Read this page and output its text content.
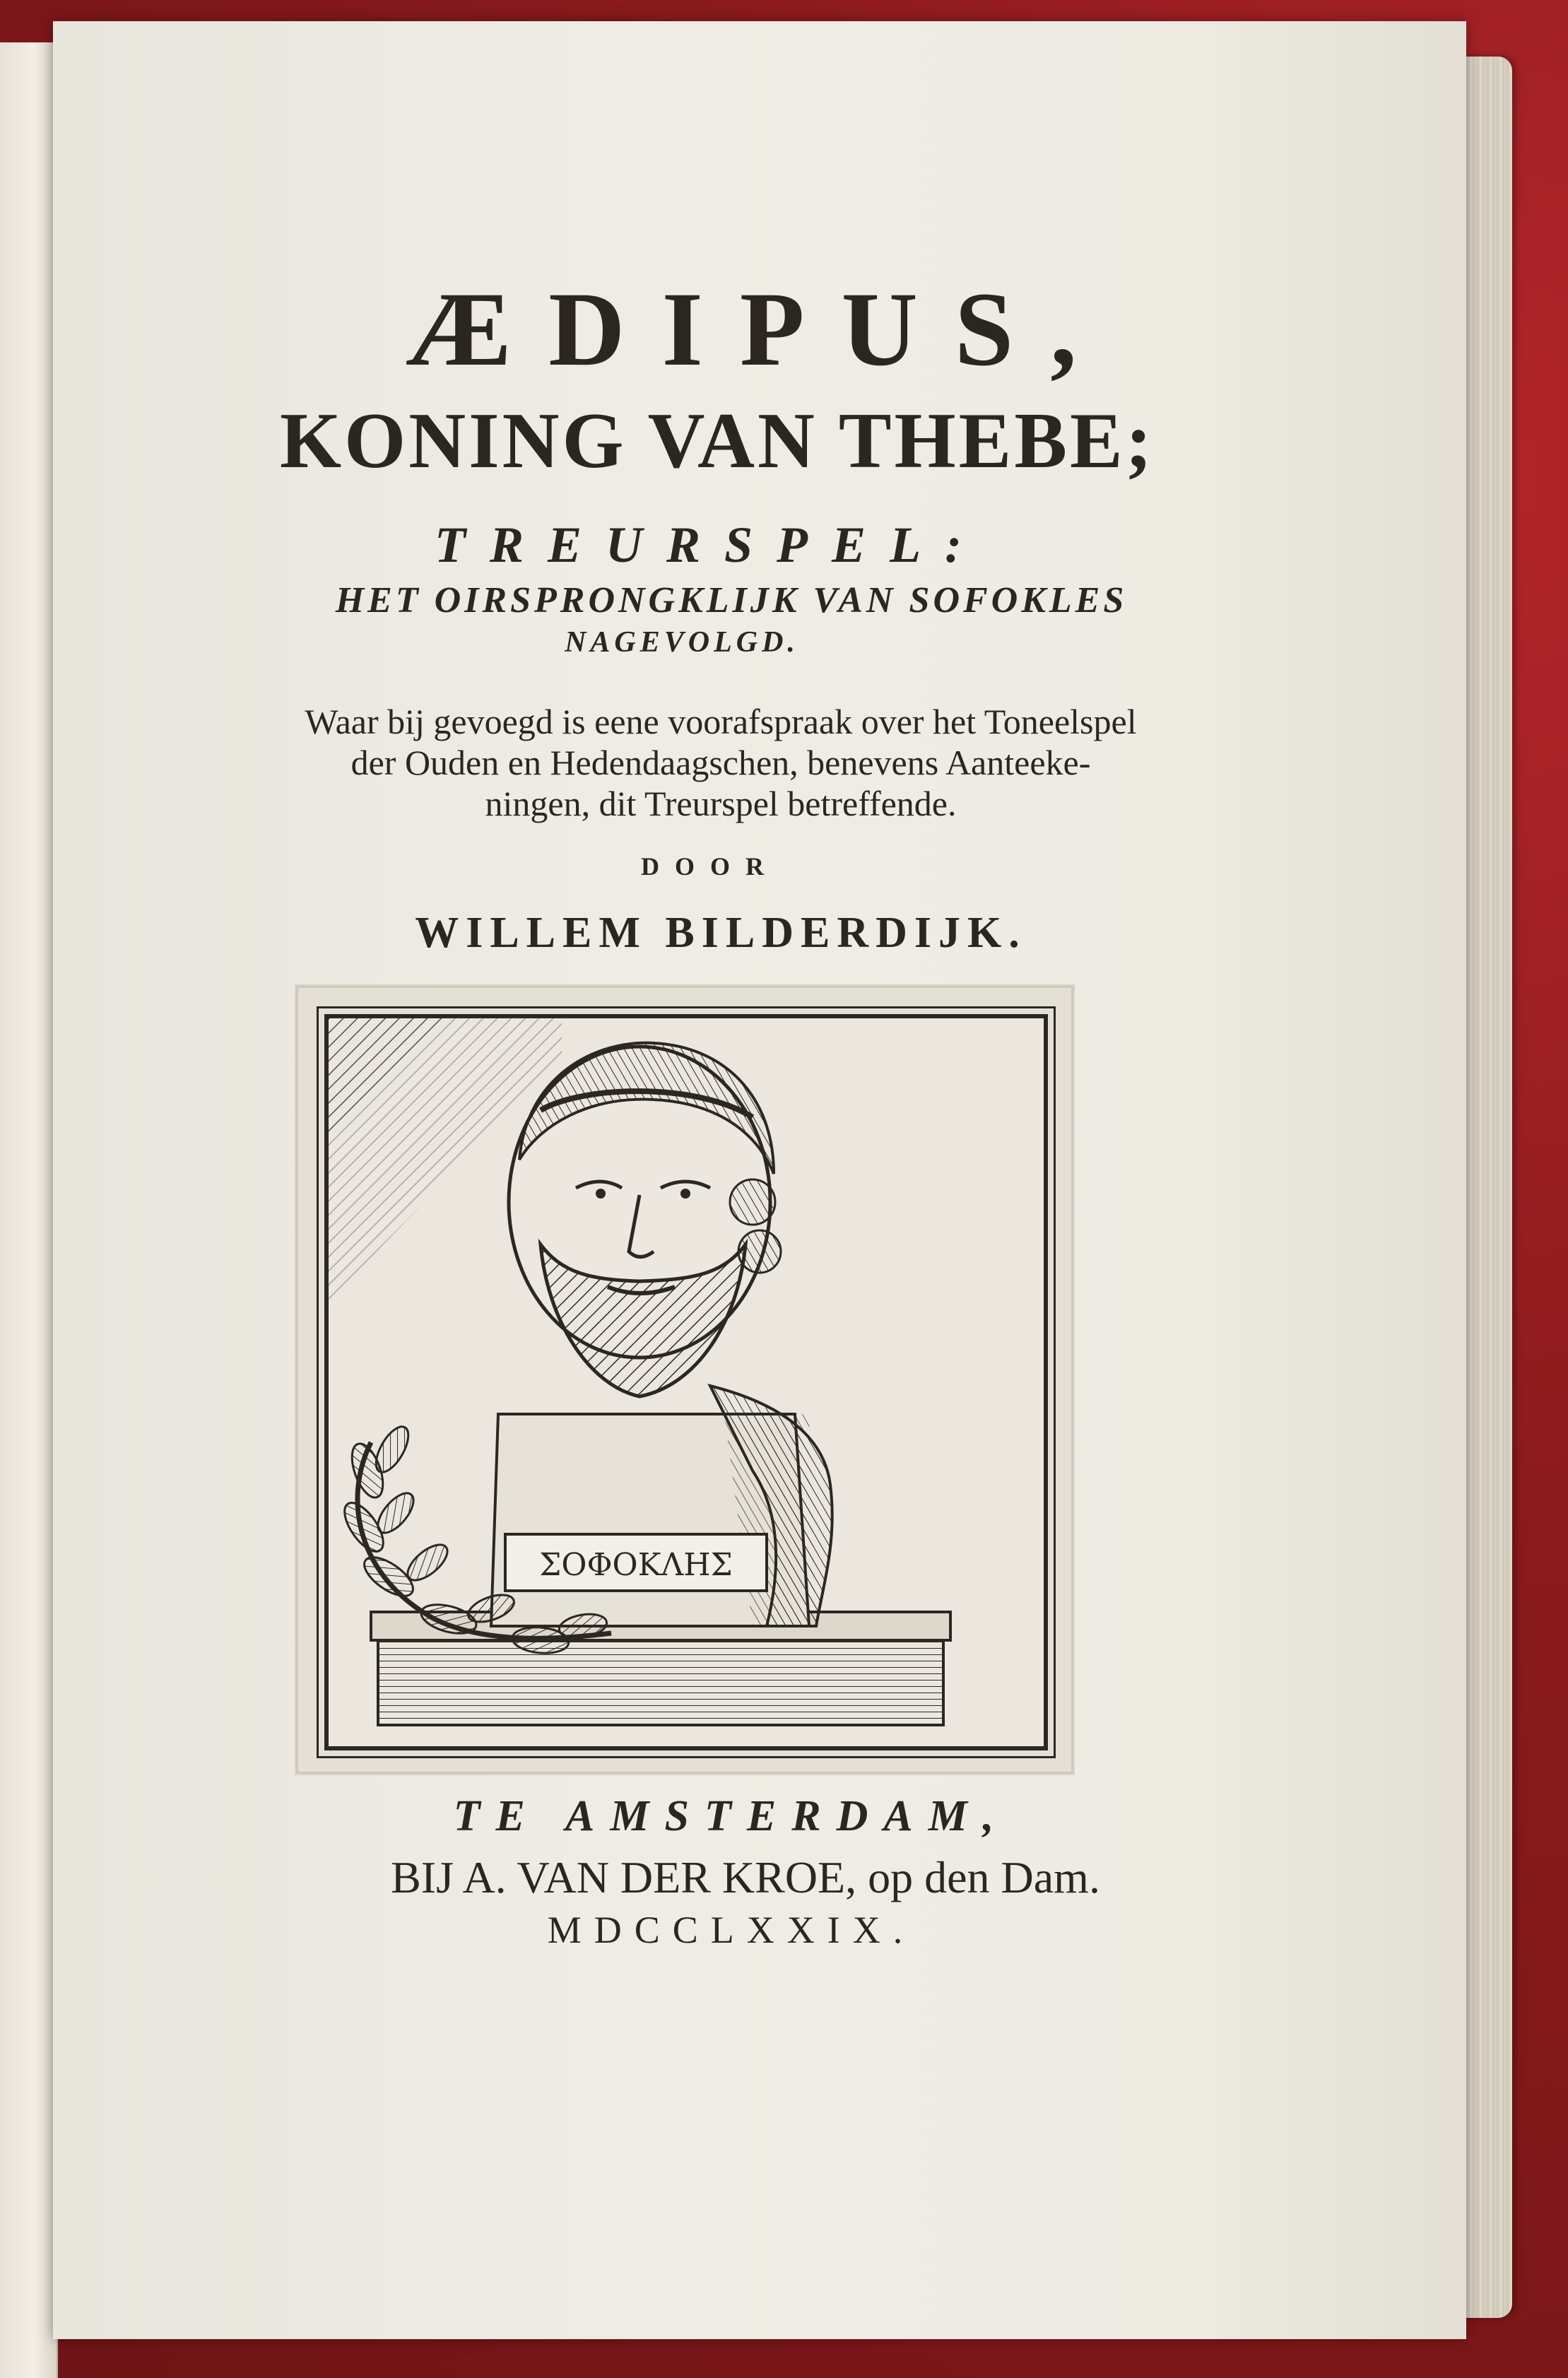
ÆDIPUS,
KONING VAN THEBE;
TREURSPEL:
HET OIRSPRONGKLIJK VAN SOFOKLES
NAGEVOLGD.
Waar bij gevoegd is eene voorafspraak over het Toneelspel
der Ouden en Hedendaagschen, benevens Aanteeke-
ningen, dit Treurspel betreffende.
DOOR
WILLEM BILDERDIJK.
ΣΟΦΟΚΛΗΣ
TE AMSTERDAM,
BIJ A. VAN DER KROE, op den Dam.
MDCCLXXIX.
